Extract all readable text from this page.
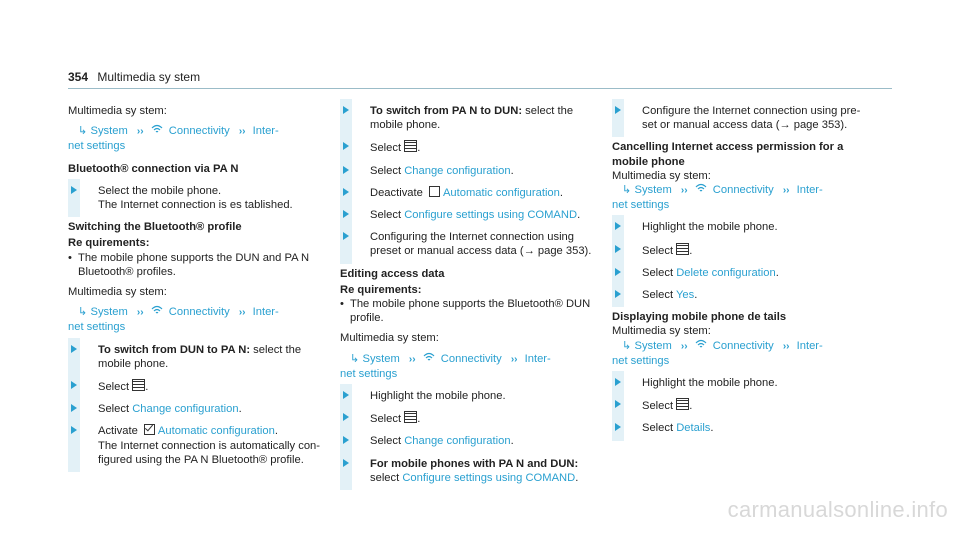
354 Multimedia sy stem
Multimedia sy stem:
↳ System ›› Connectivity ›› Inter-
net settings
Bluetooth® connection via PA N
Select the mobile phone.
The Internet connection is es tablished.
Switching the Bluetooth® profile
Re quirements:
• The mobile phone supports the DUN and PA N Bluetooth® profiles.
Multimedia sy stem:
↳ System ›› Connectivity ›› Inter-
net settings
To switch from DUN to PA N: select the mobile phone.
Select .
Select Change configuration.
Activate Automatic configuration.
The Internet connection is automatically con‐ figured using the PA N Bluetooth® profile.
To switch from PA N to DUN: select the mobile phone.
Select .
Select Change configuration.
Deactivate Automatic configuration.
Select Configure settings using COMAND.
Configuring the Internet connection using preset or manual access data (→ page 353).
Editing access data
Re quirements:
• The mobile phone supports the Bluetooth® DUN profile.
Multimedia sy stem:
↳ System ›› Connectivity ›› Inter-
net settings
Highlight the mobile phone.
Select .
Select Change configuration.
For mobile phones with PA N and DUN:
select Configure settings using COMAND.
Configure the Internet connection using pre‐ set or manual access data (→ page 353).
Cancelling Internet access permission for a mobile phone
Multimedia sy stem:
↳ System ›› Connectivity ›› Inter-
net settings
Highlight the mobile phone.
Select .
Select Delete configuration.
Select Yes.
Displaying mobile phone de tails
Multimedia sy stem:
↳ System ›› Connectivity ›› Inter-
net settings
Highlight the mobile phone.
Select .
Select Details.
carmanualsonline.info
